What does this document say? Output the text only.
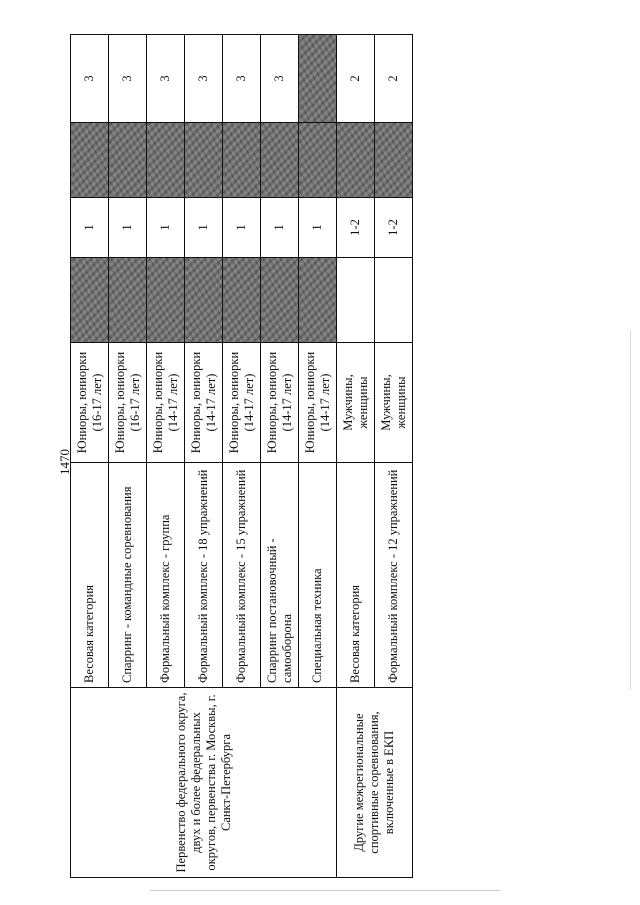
1470
Первенство федерального округа, двух и более федеральных округов, первенства г. Москвы, г. Санкт-Петербурга	Весовая категория	Юниоры, юниорки (16-17 лет)		1		3
	Спарринг - командные соревнования	Юниоры, юниорки (16-17 лет)		1		3
	Формальный комплекс - группа	Юниоры, юниорки (14-17 лет)		1		3
	Формальный комплекс - 18 упражнений	Юниоры, юниорки (14-17 лет)		1		3
	Формальный комплекс - 15 упражнений	Юниоры, юниорки (14-17 лет)		1		3
	Спарринг постановочный - самооборона	Юниоры, юниорки (14-17 лет)		1		3
	Специальная техника	Юниоры, юниорки (14-17 лет)		1		
Другие межрегиональные спортивные соревнования, включенные в ЕКП	Весовая категория	Мужчины, женщины		1-2		2
	Формальный комплекс - 12 упражнений	Мужчины, женщины		1-2		2
